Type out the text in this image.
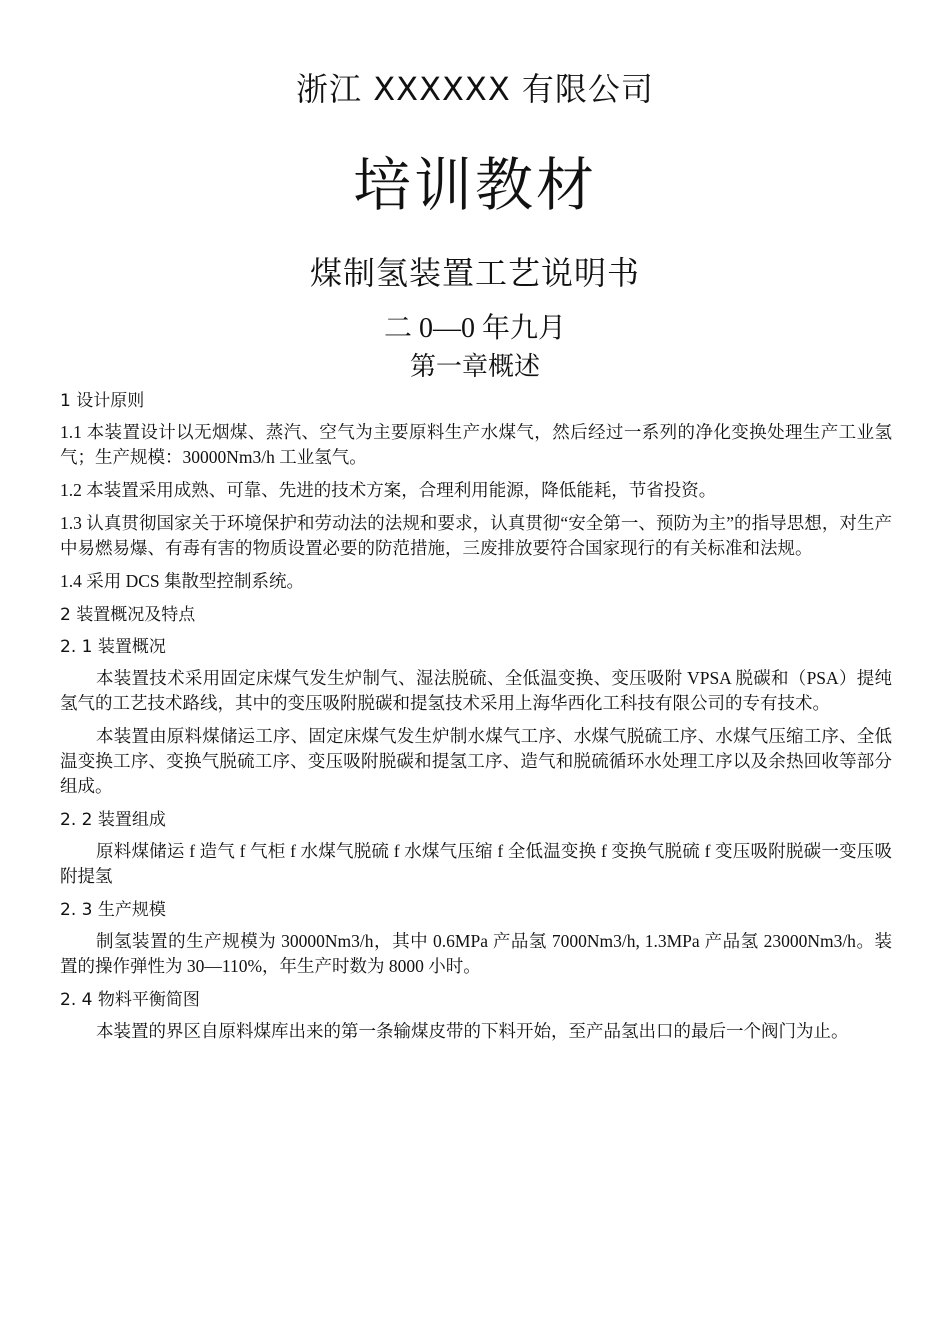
浙江 XXXXXX 有限公司
培训教材
煤制氢装置工艺说明书
二 0—0 年九月
第一章概述
1 设计原则

1.1 本装置设计以无烟煤、蒸汽、空气为主要原料生产水煤气，然后经过一系列的净化变换处理生产工业氢气；生产规模：30000Nm3/h 工业氢气。

1.2 本装置采用成熟、可靠、先进的技术方案，合理利用能源，降低能耗，节省投资。

1.3 认真贯彻国家关于环境保护和劳动法的法规和要求，认真贯彻“安全第一、预防为主”的指导思想，对生产中易燃易爆、有毒有害的物质设置必要的防范措施，三废排放要符合国家现行的有关标准和法规。

1.4 采用 DCS 集散型控制系统。

2 装置概况及特点
2. 1 装置概况

本装置技术采用固定床煤气发生炉制气、湿法脱硫、全低温变换、变压吸附 VPSA 脱碳和（PSA）提纯氢气的工艺技术路线，其中的变压吸附脱碳和提氢技术采用上海华西化工科技有限公司的专有技术。

本装置由原料煤储运工序、固定床煤气发生炉制水煤气工序、水煤气脱硫工序、水煤气压缩工序、全低温变换工序、变换气脱硫工序、变压吸附脱碳和提氢工序、造气和脱硫循环水处理工序以及余热回收等部分组成。

2. 2 装置组成

原料煤储运 f 造气 f 气柜 f 水煤气脱硫 f 水煤气压缩 f 全低温变换 f 变换气脱硫 f 变压吸附脱碳一变压吸附提氢

2. 3 生产规模

制氢装置的生产规模为 30000Nm3/h，其中 0.6MPa 产品氢 7000Nm3/h, 1.3MPa 产品氢 23000Nm3/h。装置的操作弹性为 30—110%，年生产时数为 8000 小时。

2. 4 物料平衡简图

本装置的界区自原料煤库出来的第一条输煤皮带的下料开始，至产品氢出口的最后一个阀门为止。
